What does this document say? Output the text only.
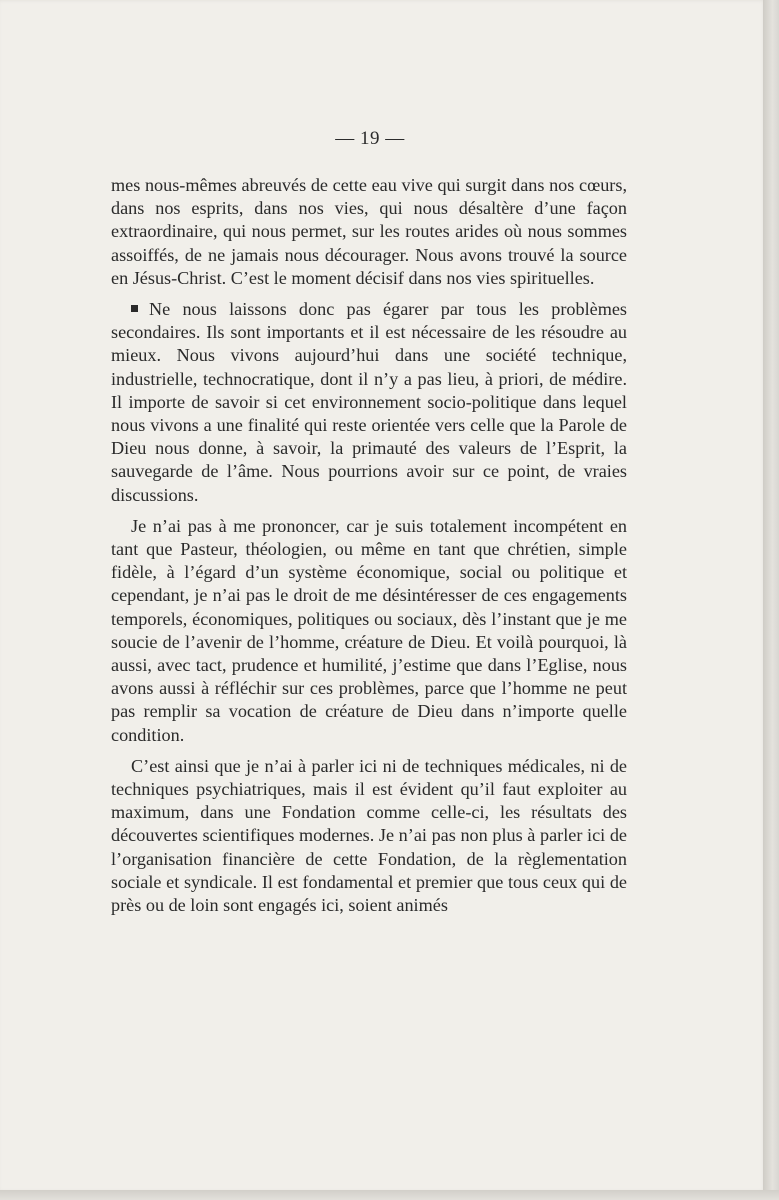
— 19 —

mes nous-mêmes abreuvés de cette eau vive qui surgit dans nos cœurs, dans nos esprits, dans nos vies, qui nous désaltère d’une façon extraordinaire, qui nous permet, sur les routes arides où nous sommes assoiffés, de ne jamais nous décourager. Nous avons trouvé la source en Jésus-Christ. C’est le moment décisif dans nos vies spirituelles.

Ne nous laissons donc pas égarer par tous les problèmes secondaires. Ils sont importants et il est nécessaire de les résoudre au mieux. Nous vivons aujourd’hui dans une société technique, industrielle, technocratique, dont il n’y a pas lieu, à priori, de médire. Il importe de savoir si cet environnement socio-politique dans lequel nous vivons a une finalité qui reste orientée vers celle que la Parole de Dieu nous donne, à savoir, la primauté des valeurs de l’Esprit, la sauvegarde de l’âme. Nous pourrions avoir sur ce point, de vraies discussions.

Je n’ai pas à me prononcer, car je suis totalement incompétent en tant que Pasteur, théologien, ou même en tant que chrétien, simple fidèle, à l’égard d’un système économique, social ou politique et cependant, je n’ai pas le droit de me désintéresser de ces engagements temporels, économiques, politiques ou sociaux, dès l’instant que je me soucie de l’avenir de l’homme, créature de Dieu. Et voilà pourquoi, là aussi, avec tact, prudence et humilité, j’estime que dans l’Eglise, nous avons aussi à réfléchir sur ces problèmes, parce que l’homme ne peut pas remplir sa vocation de créature de Dieu dans n’importe quelle condition.

C’est ainsi que je n’ai à parler ici ni de techniques médicales, ni de techniques psychiatriques, mais il est évident qu’il faut exploiter au maximum, dans une Fondation comme celle-ci, les résultats des découvertes scientifiques modernes. Je n’ai pas non plus à parler ici de l’organisation financière de cette Fondation, de la règlementation sociale et syndicale. Il est fondamental et premier que tous ceux qui de près ou de loin sont engagés ici, soient animés
